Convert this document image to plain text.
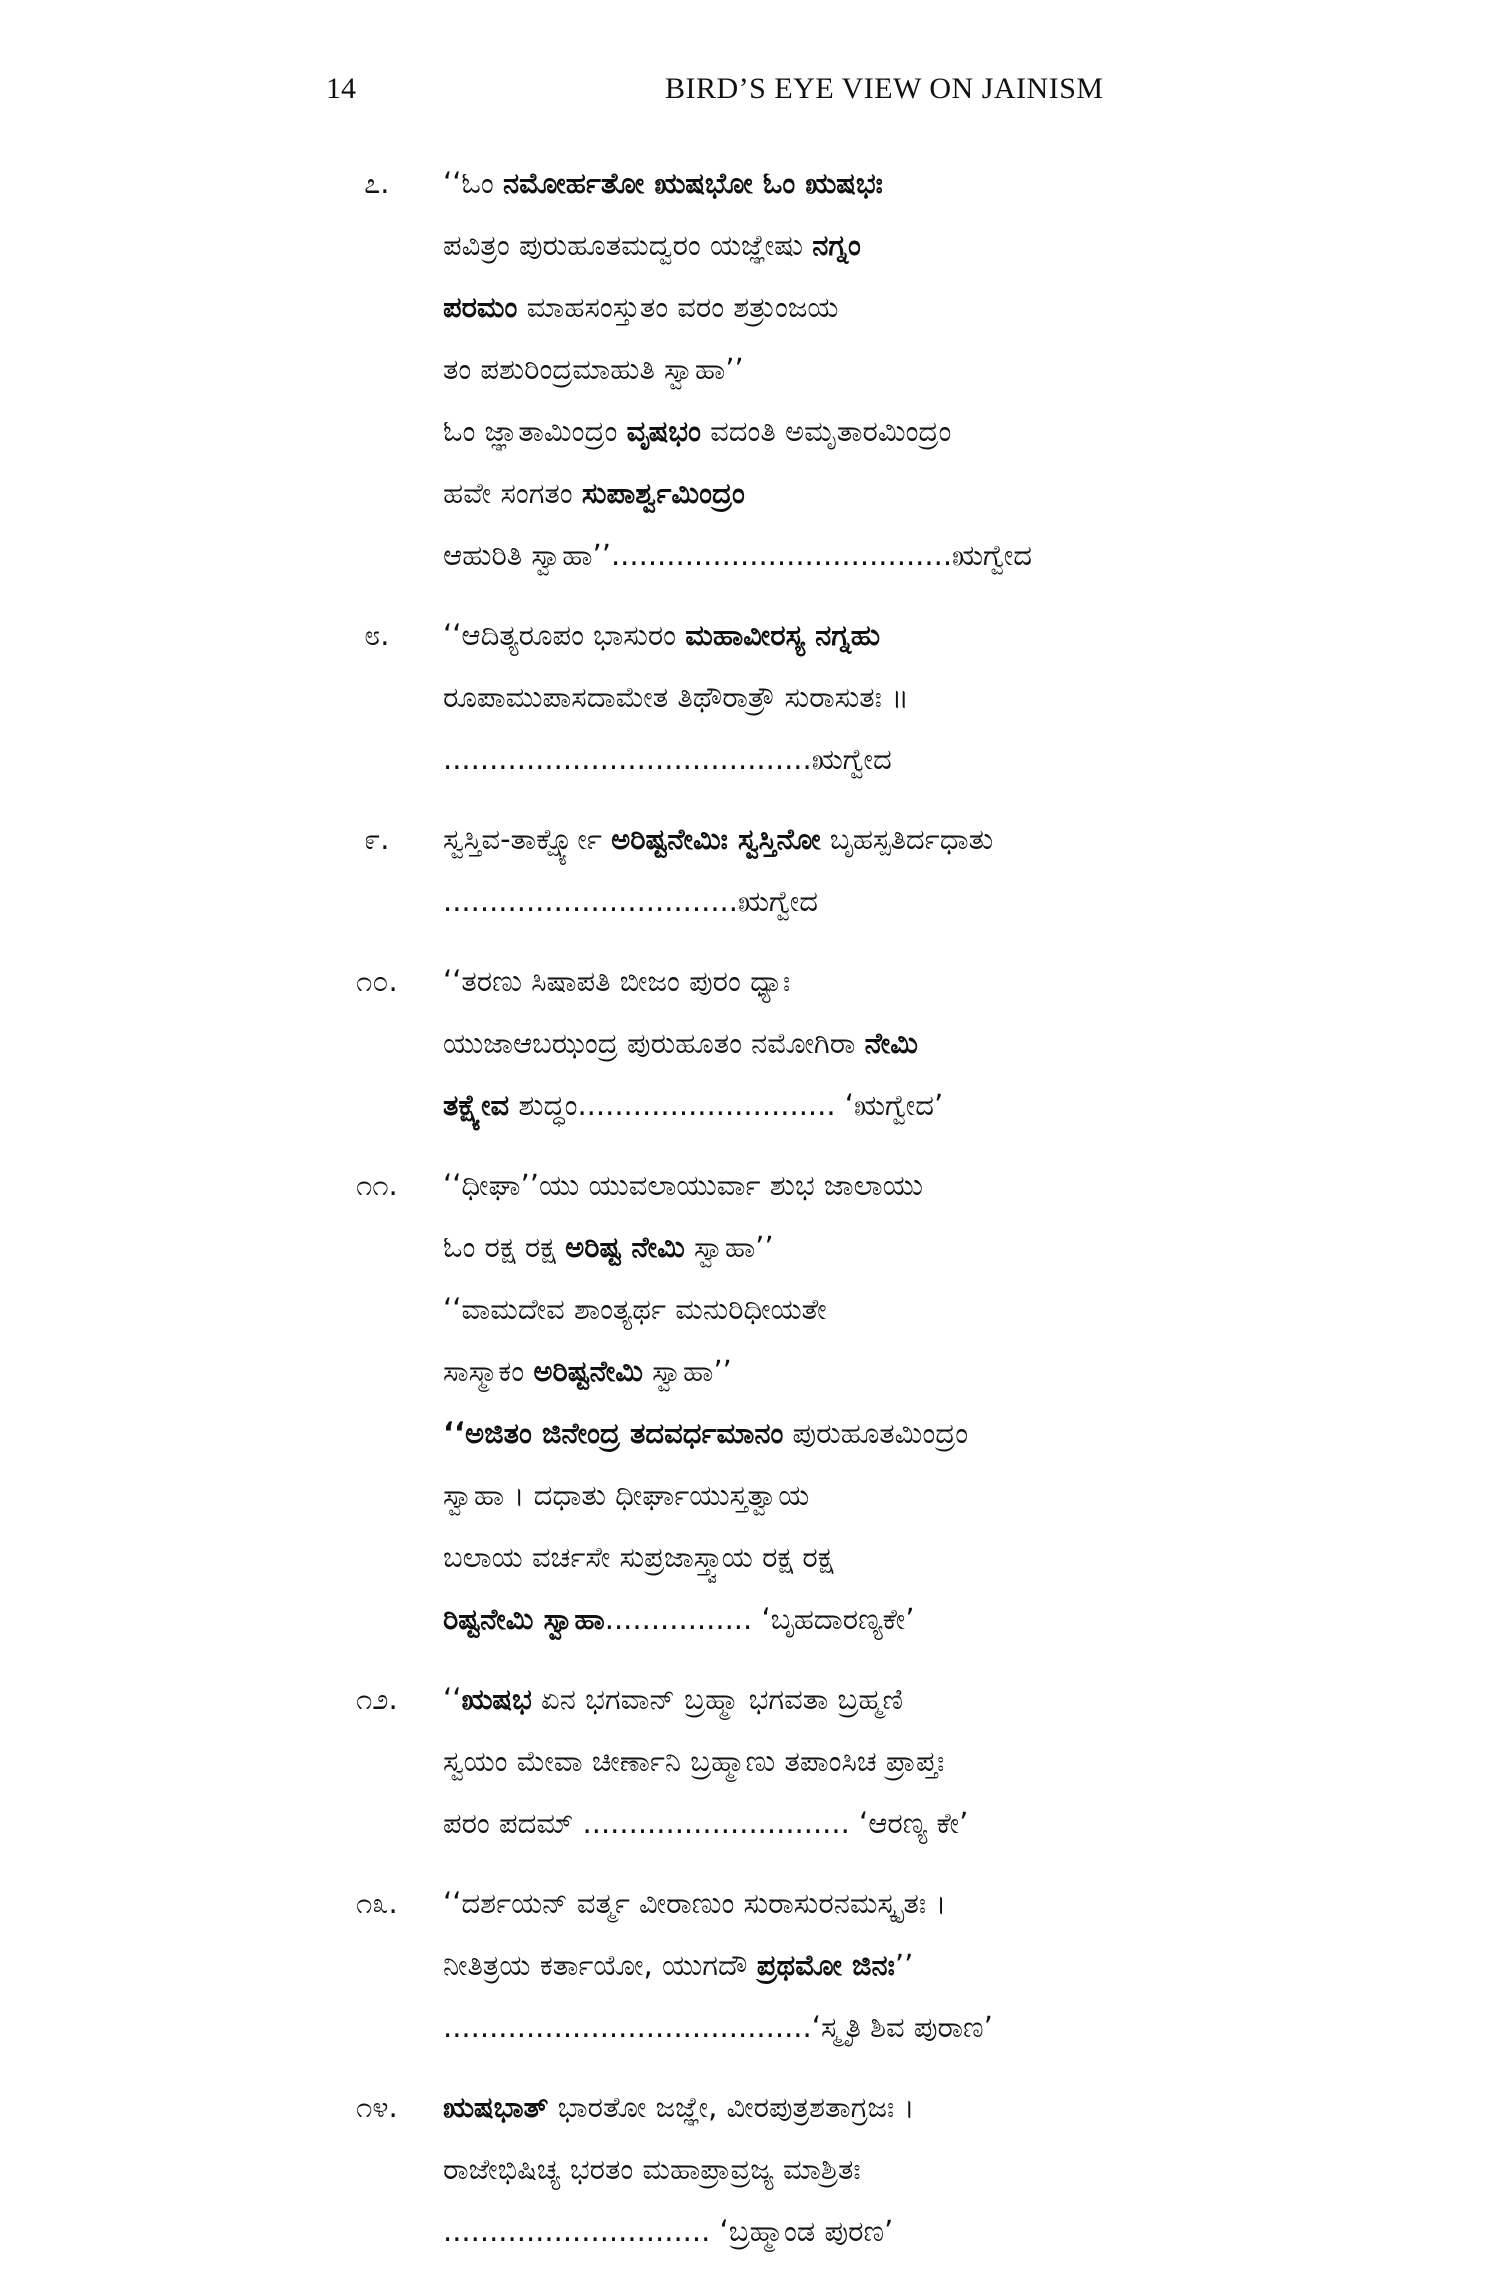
14	BIRD’S EYE VIEW ON JAINISM
೭. ‘‘ಓಂ ನಮೋರ್ಹತೋ ಋಷಭೋ ಓಂ ಋಷಭಃ
ಪವಿತ್ರಂ ಪುರುಹೂತಮದ್ವರಂ ಯಜ್ಞೇಷು ನಗ್ನಂ
ಪರಮಂ ಮಾಹಸಂಸ್ತುತಂ ವರಂ ಶತ್ರುಂಜಯ
ತಂ ಪಶುರಿಂದ್ರಮಾಹುತಿ ಸ್ವಾಹಾ’’
ಓಂ ಜ್ಞಾತಾಮಿಂದ್ರಂ ವೃಷಭಂ ವದಂತಿ ಅಮೃತಾರಮಿಂದ್ರಂ
ಹವೇ ಸಂಗತಂ ಸುಪಾರ್ಶ್ವಮಿಂದ್ರಂ
ಆಹುರಿತಿ ಸ್ವಾಹಾ’’.....................................ಋಗ್ವೇದ
೮. ‘‘ಆದಿತ್ಯರೂಪಂ ಭಾಸುರಂ ಮಹಾವೀರಸ್ಯ ನಗ್ನಹು
ರೂಪಾಮುಪಾಸದಾಮೇತ ತಿಥೌರಾತ್ರೌ ಸುರಾಸುತಃ ॥
........................................ಋಗ್ವೇದ
೯. ಸ್ವಸ್ತಿವ-ತಾರ್ಕ್ಷ್ಯೋ ಅರಿಷ್ಟನೇಮಿಃ ಸ್ವಸ್ತಿನೋ ಬೃಹಸ್ಪತಿರ್ದಧಾತು
................................ಋಗ್ವೇದ
೧೦. ‘‘ತರಣು ಸಿಷಾಪತಿ ಬೀಜಂ ಪುರಂ ಧ್ಯಾಃ
ಯುಜಾಆಬಝಂದ್ರ ಪುರುಹೂತಂ ನಮೋಗಿರಾ ನೇಮಿ
ತಕ್ಷ್ಯೇವ ಶುದ್ಧಂ............................ ‘ಋಗ್ವೇದ’
೧೧. ‘‘ಧೀಘಾ’’ಯು ಯುವಲಾಯುರ್ವಾ ಶುಭ ಜಾಲಾಯು
ಓಂ ರಕ್ಷ ರಕ್ಷ ಅರಿಷ್ಟ ನೇಮಿ ಸ್ವಾಹಾ’’
‘‘ವಾಮದೇವ ಶಾಂತ್ಯರ್ಥ ಮನುರಿಧೀಯತೇ
ಸಾಸ್ಮಾಕಂ ಅರಿಷ್ಟನೇಮಿ ಸ್ವಾಹಾ’’
‘‘ಅಜಿತಂ ಜಿನೇಂದ್ರ ತದವರ್ಧಮಾನಂ ಪುರುಹೂತಮಿಂದ್ರಂ
ಸ್ವಾಹಾ । ದಧಾತು ಧೀರ್ಘಾಯುಸ್ತತ್ವಾಯ
ಬಲಾಯ ವರ್ಚಸೇ ಸುಪ್ರಜಾಸ್ತ್ವಾಯ ರಕ್ಷ ರಕ್ಷ
ರಿಷ್ಟನೇಮಿ ಸ್ವಾಹಾ................ ‘ಬೃಹದಾರಣ್ಯಕೇ’
೧೨. ‘‘ಋಷಭ ಏನ ಭಗವಾನ್ ಬ್ರಹ್ಮಾ ಭಗವತಾ ಬ್ರಹ್ಮಣಿ
ಸ್ವಯಂ ಮೇವಾ ಚೀರ್ಣಾನಿ ಬ್ರಹ್ಮಾಣು ತಪಾಂಸಿಚ ಪ್ರಾಪ್ತಃ
ಪರಂ ಪದಮ್ ............................. ‘ಆರಣ್ಯ ಕೇ’
೧೩. ‘‘ದರ್ಶಯನ್ ವರ್ತ್ಮ ವೀರಾಣುಂ ಸುರಾಸುರನಮಸ್ಕೃತಃ ।
ನೀತಿತ್ರಯ ಕರ್ತಾಯೋ, ಯುಗದೌ ಪ್ರಥಮೋ ಜಿನಃ’’
........................................‘ಸ್ಮೃತಿ ಶಿವ ಪುರಾಣ’
೧೪. ಋಷಭಾತ್ ಭಾರತೋ ಜಜ್ಞೇ, ವೀರಪುತ್ರಶತಾಗ್ರಜಃ ।
ರಾಜೇಭಿಷಿಚ್ಯ ಭರತಂ ಮಹಾಪ್ರಾವ್ರಜ್ಯ ಮಾಶ್ರಿತಃ
............................. ‘ಬ್ರಹ್ಮಾಂಡ ಪುರಣ’
